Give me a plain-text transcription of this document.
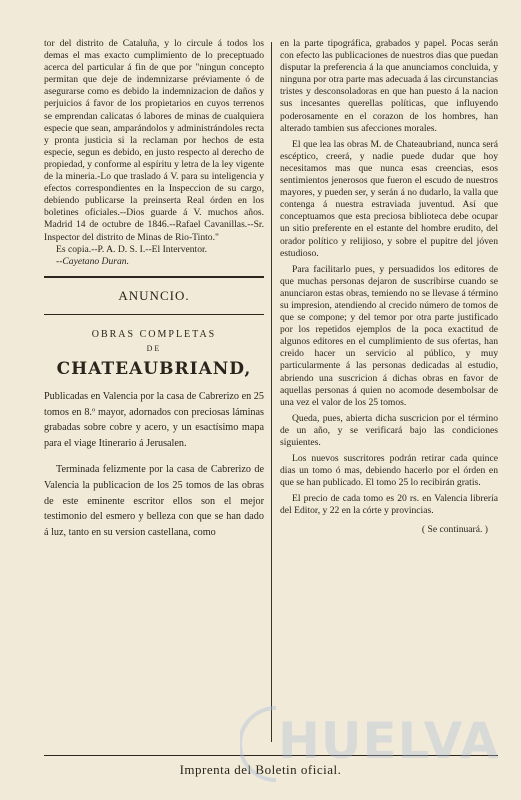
tor del distrito de Cataluña, y lo circule á todos los demas el mas exacto cumplimiento de lo preceptuado acerca del particular á fin de que por "ningun concepto permitan que deje de indemnizarse préviamente ó de asegurarse como es debido la indemnizacion de daños y perjuicios á favor de los propietarios en cuyos terrenos se emprendan calicatas ó labores de minas de cualquiera especie que sean, amparándolos y administrándoles recta y pronta justicia si la reclaman por hechos de esta especie, segun es debido, en justo respecto al derecho de propiedad, y conforme al espíritu y letra de la ley vigente de la mineria.-Lo que traslado á V. para su inteligencia y efectos correspondientes en la Inspeccion de su cargo, debiendo publicarse la preinserta Real órden en los boletines oficiales.--Dios guarde á V. muchos años. Madrid 14 de octubre de 1846.--Rafael Cavanillas.--Sr. Inspector del distrito de Minas de Rio-Tinto."

Es copia.--P. A. D. S. I.--El Interventor.

--Cayetano Duran.

ANUNCIO.
OBRAS COMPLETAS
DE
CHATEAUBRIAND,

Publicadas en Valencia por la casa de Cabrerizo en 25 tomos en 8.º mayor, adornados con preciosas láminas grabadas sobre cobre y acero, y un esactísimo mapa para el viage Itinerario á Jerusalen.

Terminada felizmente por la casa de Cabrerizo de Valencia la publicacion de los 25 tomos de las obras de este eminente escritor ellos son el mejor testimonio del esmero y belleza con que se han dado á luz, tanto en su version castellana, como

en la parte tipográfica, grabados y papel. Pocas serán con efecto las publicaciones de nuestros dias que puedan disputar la preferencia á la que anunciamos concluida, y ninguna por otra parte mas adecuada á las circunstancias tristes y desconsoladoras en que han puesto á la nacion sus incesantes querellas políticas, que influyendo poderosamente en el corazon de los hombres, han alterado tambien sus afecciones morales.

El que lea las obras M. de Chateaubriand, nunca será escéptico, creerá, y nadie puede dudar que hoy necesitamos mas que nunca esas creencias, esos sentimientos jenerosos que fueron el escudo de nuestros mayores, y pueden ser, y serán á no dudarlo, la valla que contenga á nuestra estraviada juventud. Así que conceptuamos que esta preciosa biblioteca debe ocupar un sitio preferente en el estante del hombre erudito, del orador político y relijioso, y sobre el pupitre del jóven estudioso.

Para facilitarlo pues, y persuadidos los editores de que muchas personas dejaron de suscribirse cuando se anunciaron estas obras, temiendo no se llevase á término su impresion, atendiendo al crecido número de tomos de que se compone; y del temor por otra parte justificado por los repetidos ejemplos de la poca exactitud de algunos editores en el cumplimiento de sus ofertas, han creido hacer un servicio al público, y muy particularmente á las personas dedicadas al estudio, abriendo una suscricion á dichas obras en favor de aquellas personas á quien no acomode desembolsar de una vez el valor de los 25 tomos.

Queda, pues, abierta dicha suscricion por el término de un año, y se verificará bajo las condiciones siguientes.

Los nuevos suscritores podrán retirar cada quince dias un tomo ó mas, debiendo hacerlo por el órden en que se han publicado. El tomo 25 lo recibirán gratis.

El precio de cada tomo es 20 rs. en Valencia librería del Editor, y 22 en la córte y provincias.

( Se continuará. )
Imprenta del Boletin oficial.
HUELVA
